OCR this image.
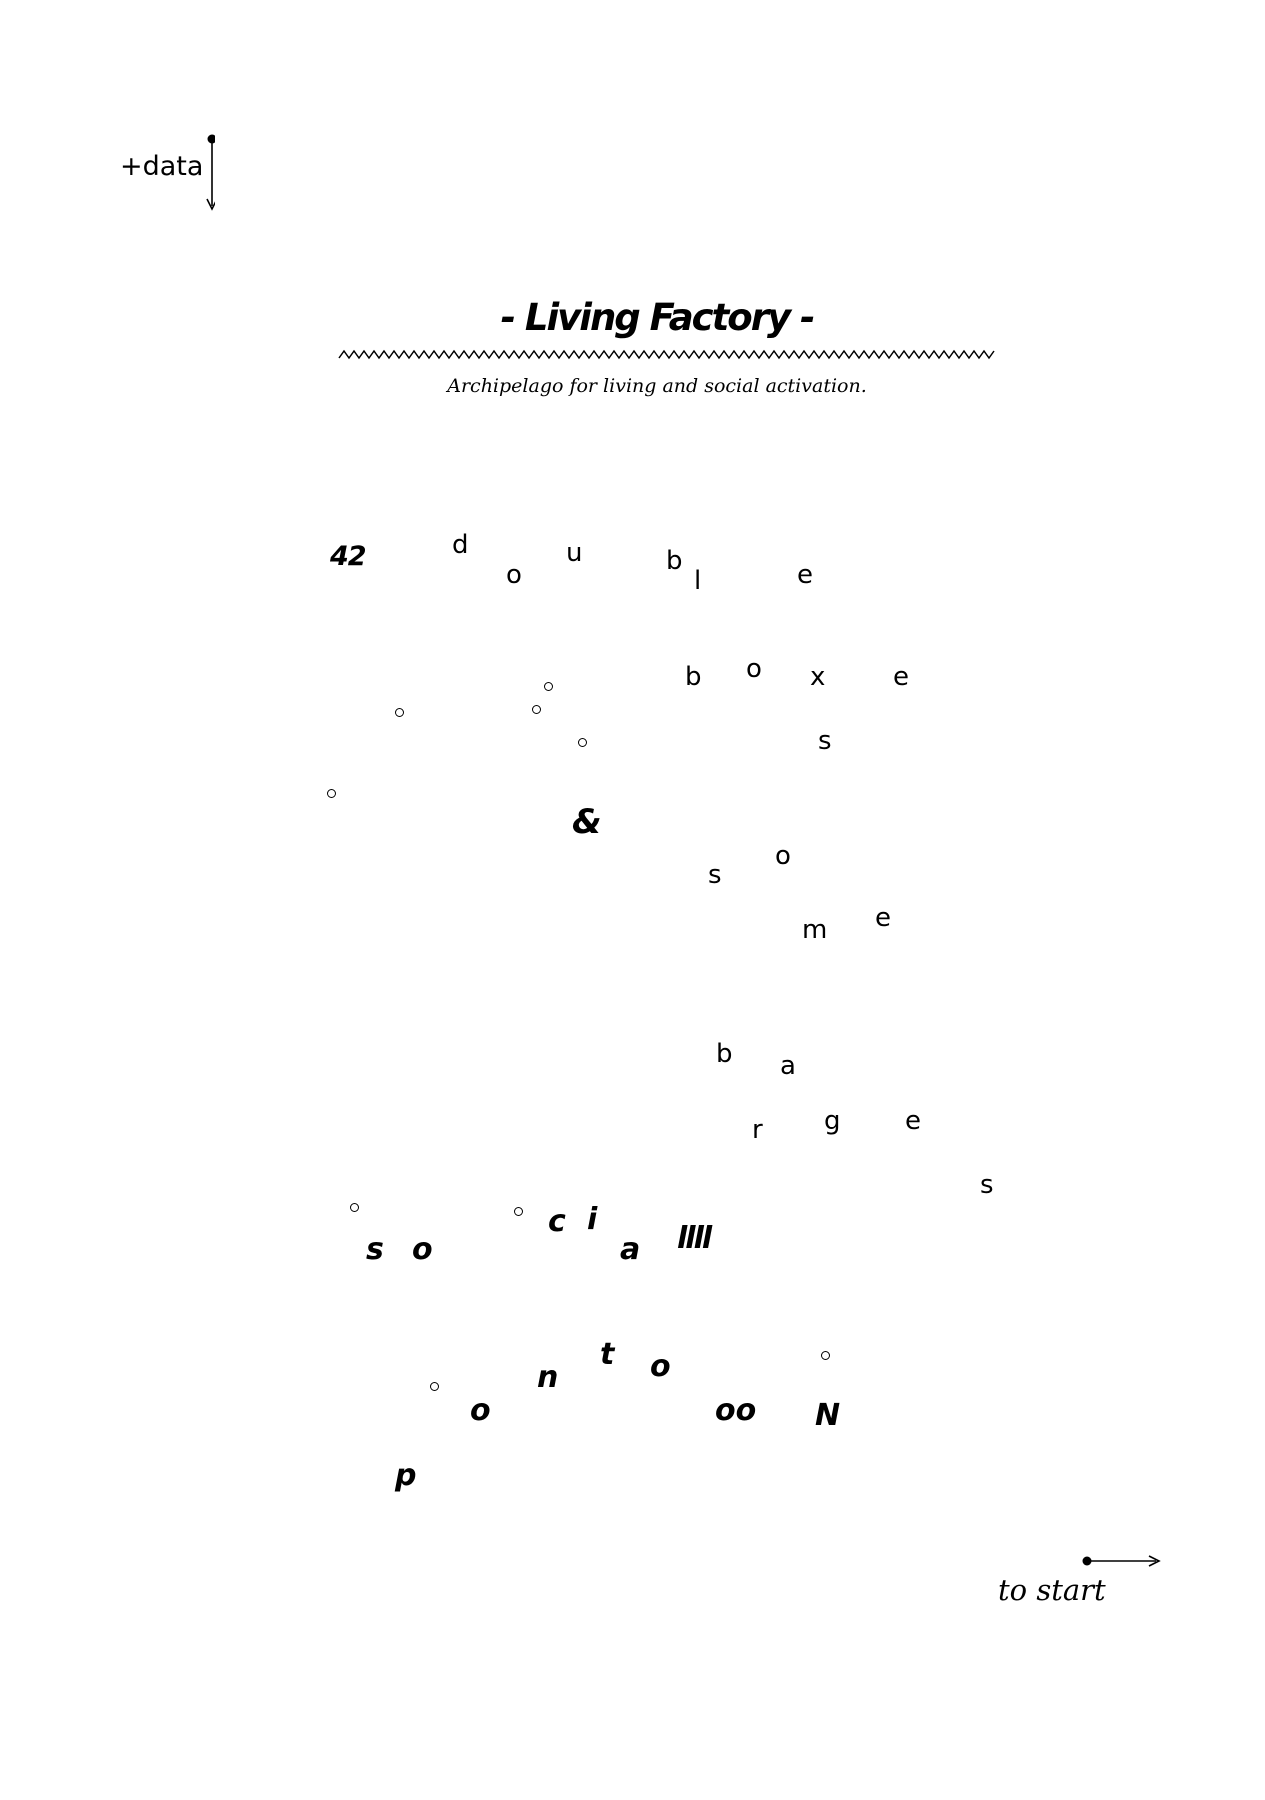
+data
- Living Factory -
Archipelago for living and social activation.
42	d
o
u	b
l	e
b o x	e
s
&
s
o
m e
b a
r g e
s
s o
c i
a llll
o
n
t o
oo N
p
to start
